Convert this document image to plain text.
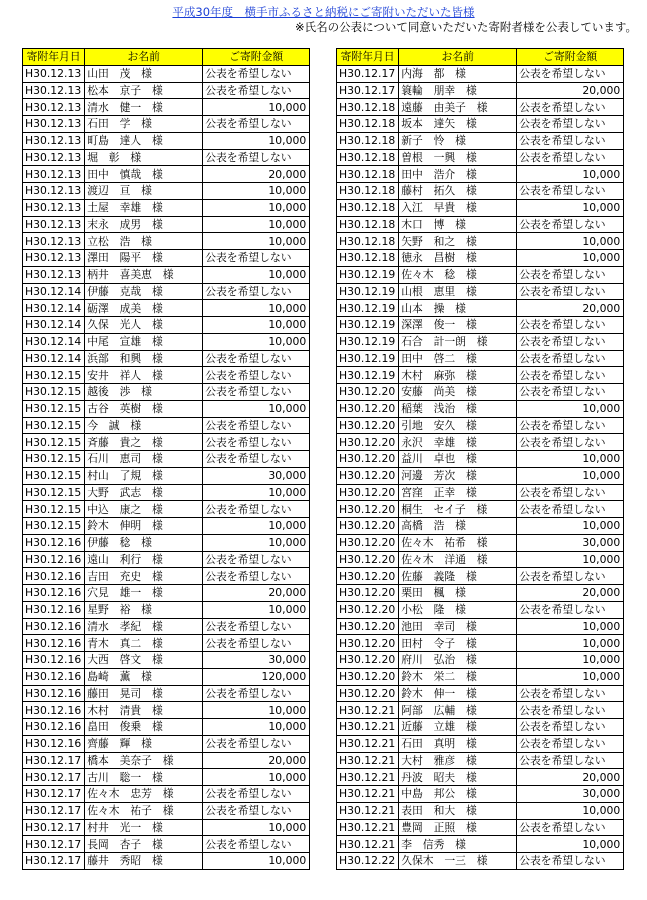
平成30年度　横手市ふるさと納税にご寄附いただいた皆様
※氏名の公表について同意いただいた寄附者様を公表しています。
寄附年月日	お名前	ご寄附金額
H30.12.13	山田　茂　様	公表を希望しない
H30.12.13	松本　京子　様	公表を希望しない
H30.12.13	清水　健一　様	10,000
H30.12.13	石田　学　様	公表を希望しない
H30.12.13	町島　達人　様	10,000
H30.12.13	堀　彰　様	公表を希望しない
H30.12.13	田中　慎哉　様	20,000
H30.12.13	渡辺　亘　様	10,000
H30.12.13	土屋　幸雄　様	10,000
H30.12.13	末永　成男　様	10,000
H30.12.13	立松　浩　様	10,000
H30.12.13	澤田　陽平　様	公表を希望しない
H30.12.13	柄井　喜美恵　様	10,000
H30.12.14	伊藤　克哉　様	公表を希望しない
H30.12.14	砺澤　成美　様	10,000
H30.12.14	久保　光人　様	10,000
H30.12.14	中尾　宣雄　様	10,000
H30.12.14	浜部　和興　様	公表を希望しない
H30.12.15	安井　祥人　様	公表を希望しない
H30.12.15	越後　渉　様	公表を希望しない
H30.12.15	古谷　英樹　様	10,000
H30.12.15	今　誠　様	公表を希望しない
H30.12.15	斉藤　貴之　様	公表を希望しない
H30.12.15	石川　恵司　様	公表を希望しない
H30.12.15	村山　了規　様	30,000
H30.12.15	大野　武志　様	10,000
H30.12.15	中込　康之　様	公表を希望しない
H30.12.15	鈴木　伸明　様	10,000
H30.12.16	伊藤　稔　様	10,000
H30.12.16	遠山　利行　様	公表を希望しない
H30.12.16	吉田　充史　様	公表を希望しない
H30.12.16	穴見　雄一　様	20,000
H30.12.16	星野　裕　様	10,000
H30.12.16	清水　孝紀　様	公表を希望しない
H30.12.16	青木　真二　様	公表を希望しない
H30.12.16	大西　啓文　様	30,000
H30.12.16	島崎　薫　様	120,000
H30.12.16	藤田　晃司　様	公表を希望しない
H30.12.16	木村　清貴　様	10,000
H30.12.16	畠田　俊乗　様	10,000
H30.12.16	齊藤　輝　様	公表を希望しない
H30.12.17	橋本　美奈子　様	20,000
H30.12.17	古川　聡一　様	10,000
H30.12.17	佐々木　忠芳　様	公表を希望しない
H30.12.17	佐々木　祐子　様	公表を希望しない
H30.12.17	村井　光一　様	10,000
H30.12.17	長岡　杏子　様	公表を希望しない
H30.12.17	藤井　秀昭　様	10,000
寄附年月日	お名前	ご寄附金額
H30.12.17	内海　都　様	公表を希望しない
H30.12.17	簑輪　朋幸　様	20,000
H30.12.18	遠藤　由美子　様	公表を希望しない
H30.12.18	坂本　達矢　様	公表を希望しない
H30.12.18	新子　怜　様	公表を希望しない
H30.12.18	曽根　一興　様	公表を希望しない
H30.12.18	田中　浩介　様	10,000
H30.12.18	藤村　拓久　様	公表を希望しない
H30.12.18	入江　早貴　様	10,000
H30.12.18	木口　博　様	公表を希望しない
H30.12.18	矢野　和之　様	10,000
H30.12.18	徳永　昌樹　様	10,000
H30.12.19	佐々木　稔　様	公表を希望しない
H30.12.19	山根　恵里　様	公表を希望しない
H30.12.19	山本　操　様	20,000
H30.12.19	深澤　俊一　様	公表を希望しない
H30.12.19	石合　計一朗　様	公表を希望しない
H30.12.19	田中　啓二　様	公表を希望しない
H30.12.19	木村　麻弥　様	公表を希望しない
H30.12.20	安藤　尚美　様	公表を希望しない
H30.12.20	稲葉　浅治　様	10,000
H30.12.20	引地　安久　様	公表を希望しない
H30.12.20	永沢　幸雄　様	公表を希望しない
H30.12.20	益川　卓也　様	10,000
H30.12.20	河邊　芳次　様	10,000
H30.12.20	宮窪　正幸　様	公表を希望しない
H30.12.20	桐生　セイ子　様	公表を希望しない
H30.12.20	高橋　浩　様	10,000
H30.12.20	佐々木　祐希　様	30,000
H30.12.20	佐々木　洋通　様	10,000
H30.12.20	佐藤　義隆　様	公表を希望しない
H30.12.20	栗田　楓　様	20,000
H30.12.20	小松　隆　様	公表を希望しない
H30.12.20	池田　幸司　様	10,000
H30.12.20	田村　令子　様	10,000
H30.12.20	府川　弘治　様	10,000
H30.12.20	鈴木　栄二　様	10,000
H30.12.20	鈴木　伸一　様	公表を希望しない
H30.12.21	阿部　広輔　様	公表を希望しない
H30.12.21	近藤　立雄　様	公表を希望しない
H30.12.21	石田　真明　様	公表を希望しない
H30.12.21	大村　雅彦　様	公表を希望しない
H30.12.21	丹波　昭夫　様	20,000
H30.12.21	中島　邦公　様	30,000
H30.12.21	表田　和大　様	10,000
H30.12.21	豊岡　正照　様	公表を希望しない
H30.12.21	李　信秀　様	10,000
H30.12.22	久保木　一三　様	公表を希望しない
